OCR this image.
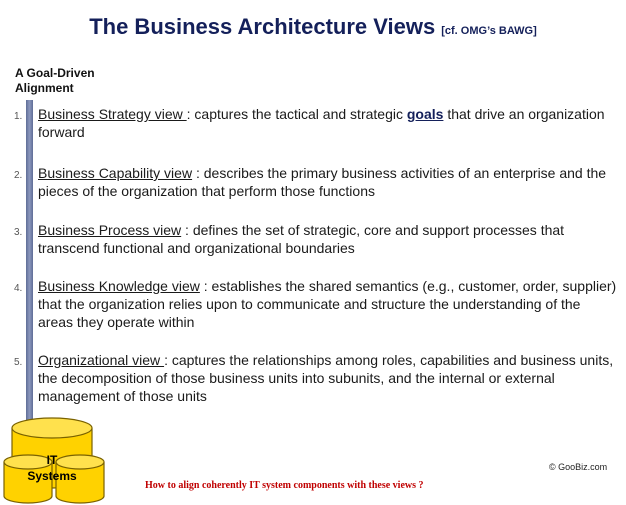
The Business Architecture Views [cf. OMG’s BAWG]
A Goal-Driven Alignment
1. Business Strategy view : captures the tactical and strategic goals that drive an organization forward
2. Business Capability view : describes the primary business activities of an enterprise and the pieces of the organization that perform those functions
3. Business Process view : defines the set of strategic, core and support processes that transcend functional and organizational boundaries
4. Business Knowledge view : establishes the shared semantics (e.g., customer, order, supplier) that the organization relies upon to communicate and structure the understanding of the areas they operate within
5. Organizational view : captures the relationships among roles, capabilities and business units, the decomposition of those business units into subunits, and the internal or external management of those units
IT
Systems
© GooBiz.com
How to align coherently IT system components with these views ?
